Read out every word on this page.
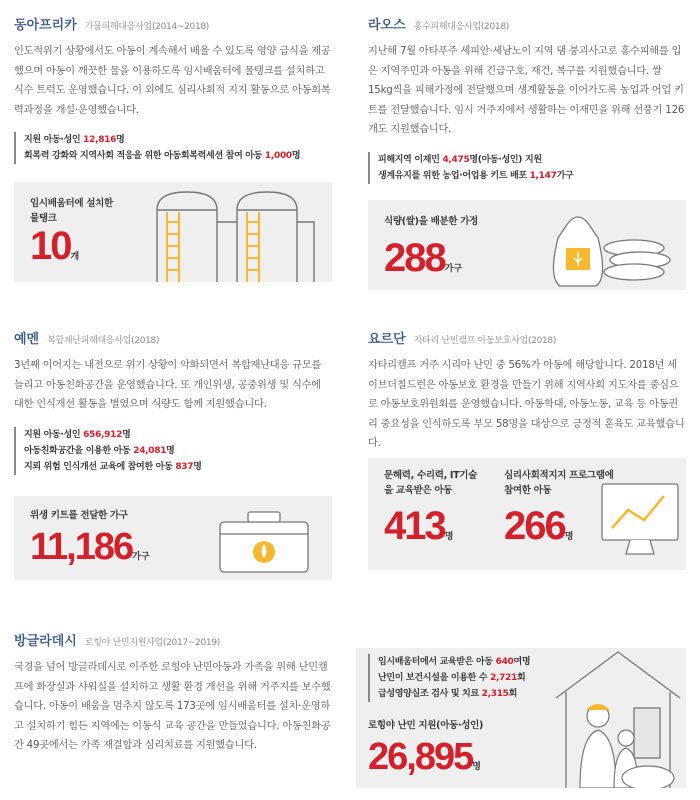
동아프리카 가뭄피해대응사업(2014~2018)
인도적위기 상황에서도 아동이 계속해서 배울 수 있도록 영양 급식을 제공했으며 아동이 깨끗한 물을 이용하도록 임시배움터에 물탱크를 설치하고 식수 트럭도 운영했습니다. 이 외에도 심리사회적 지지 활동으로 아동회복력과정을 개설·운영했습니다.
지원 아동·성인 12,816명
회복력 강화와 지역사회 적응을 위한 아동회복력세션 참여 아동 1,000명
임시배움터에 설치한 물탱크
10개
라오스 홍수피해대응사업(2018)
지난해 7월 아타푸주 세피안·세남노이 지역 댐 붕괴사고로 홍수피해를 입은 지역주민과 아동을 위해 긴급구호, 재건, 복구를 지원했습니다. 쌀 15kg씩을 피해가정에 전달했으며 생계활동을 이어가도록 농업과 어업 키트를 전달했습니다. 임시 거주지에서 생활하는 이재민을 위해 선풍기 126개도 지원했습니다.
피해지역 이재민 4,475명(아동·성인) 지원
생계유지를 위한 농업·어업용 키트 배포 1,147가구
식량(쌀)을 배분한 가정
288가구
예멘 복합재난피해대응사업(2018)
3년째 이어지는 내전으로 위기 상황이 악화되면서 복합재난대응 규모를 늘리고 아동친화공간을 운영했습니다. 또 개인위생, 공중위생 및 식수에 대한 인식개선 활동을 벌였으며 식량도 함께 지원했습니다.
지원 아동·성인 656,912명
아동친화공간을 이용한 아동 24,081명
지뢰 위험 인식개선 교육에 참여한 아동 837명
위생 키트를 전달한 가구
11,186가구
요르단 자타리 난민캠프 아동보호사업(2018)
자타리캠프 거주 시리아 난민 중 56%가 아동에 해당합니다. 2018년 세이브더칠드런은 아동보호 환경을 만들기 위해 지역사회 지도자를 중심으로 아동보호위원회를 운영했습니다. 아동학대, 아동노동, 교육 등 아동권리 중요성을 인식하도록 부모 58명을 대상으로 긍정적 훈육도 교육했습니다.
문해력, 수리력, IT기술을 교육받은 아동
413명
심리사회적지지 프로그램에 참여한 아동
266명
방글라데시 로힝야 난민지원사업(2017~2019)
국경을 넘어 방글라데시로 이주한 로힝야 난민아동과 가족을 위해 난민캠프에 화장실과 샤워실을 설치하고 생활 환경 개선을 위해 거주지를 보수했습니다. 아동이 배움을 멈추지 않도록 173곳에 임시배움터를 설치·운영하고 설치하기 힘든 지역에는 이동식 교육 공간을 만들었습니다. 아동친화공간 49곳에서는 가족 재결합과 심리치료를 지원했습니다.
임시배움터에서 교육받은 아동 640여명
난민이 보건시설을 이용한 수 2,721회
급성영양실조 검사 및 치료 2,315회
로힝야 난민 지원(아동·성인)
26,895명
